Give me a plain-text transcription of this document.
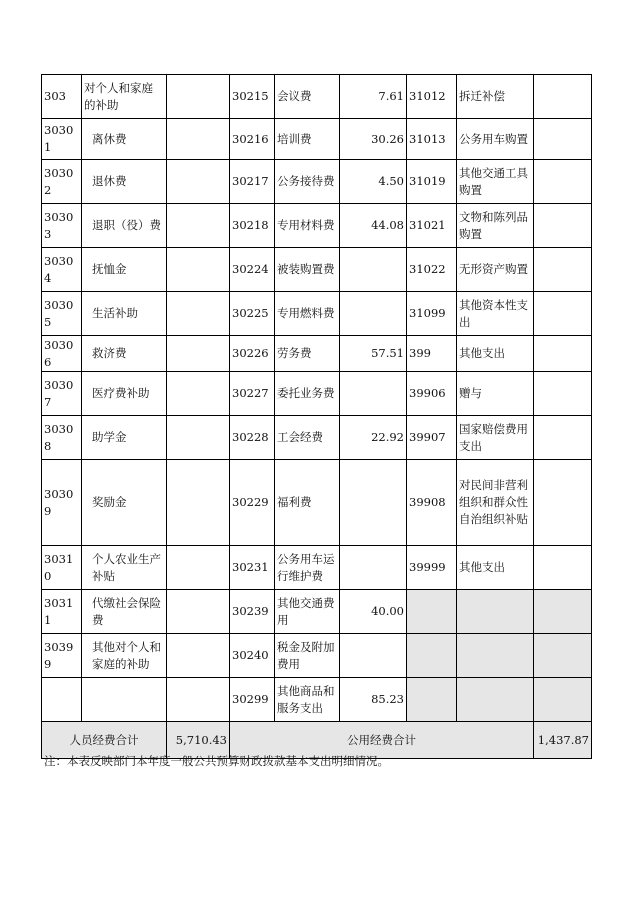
303	对个人和家庭的补助		30215	会议费	7.61	31012	拆迁补偿	
30301	离休费		30216	培训费	30.26	31013	公务用车购置	
30302	退休费		30217	公务接待费	4.50	31019	其他交通工具购置	
30303	退职（役）费		30218	专用材料费	44.08	31021	文物和陈列品购置	
30304	抚恤金		30224	被装购置费		31022	无形资产购置	
30305	生活补助		30225	专用燃料费		31099	其他资本性支出	
30306	救济费		30226	劳务费	57.51	399	其他支出	
30307	医疗费补助		30227	委托业务费		39906	赠与	
30308	助学金		30228	工会经费	22.92	39907	国家赔偿费用支出	
30309	奖励金		30229	福利费		39908	对民间非营利组织和群众性自治组织补贴	
30310	个人农业生产补贴		30231	公务用车运行维护费		39999	其他支出	
30311	代缴社会保险费		30239	其他交通费用	40.00			
30399	其他对个人和家庭的补助		30240	税金及附加费用				
			30299	其他商品和服务支出	85.23			
人员经费合计		5,710.43	公用经费合计					1,437.87
注：本表反映部门本年度一般公共预算财政拨款基本支出明细情况。
